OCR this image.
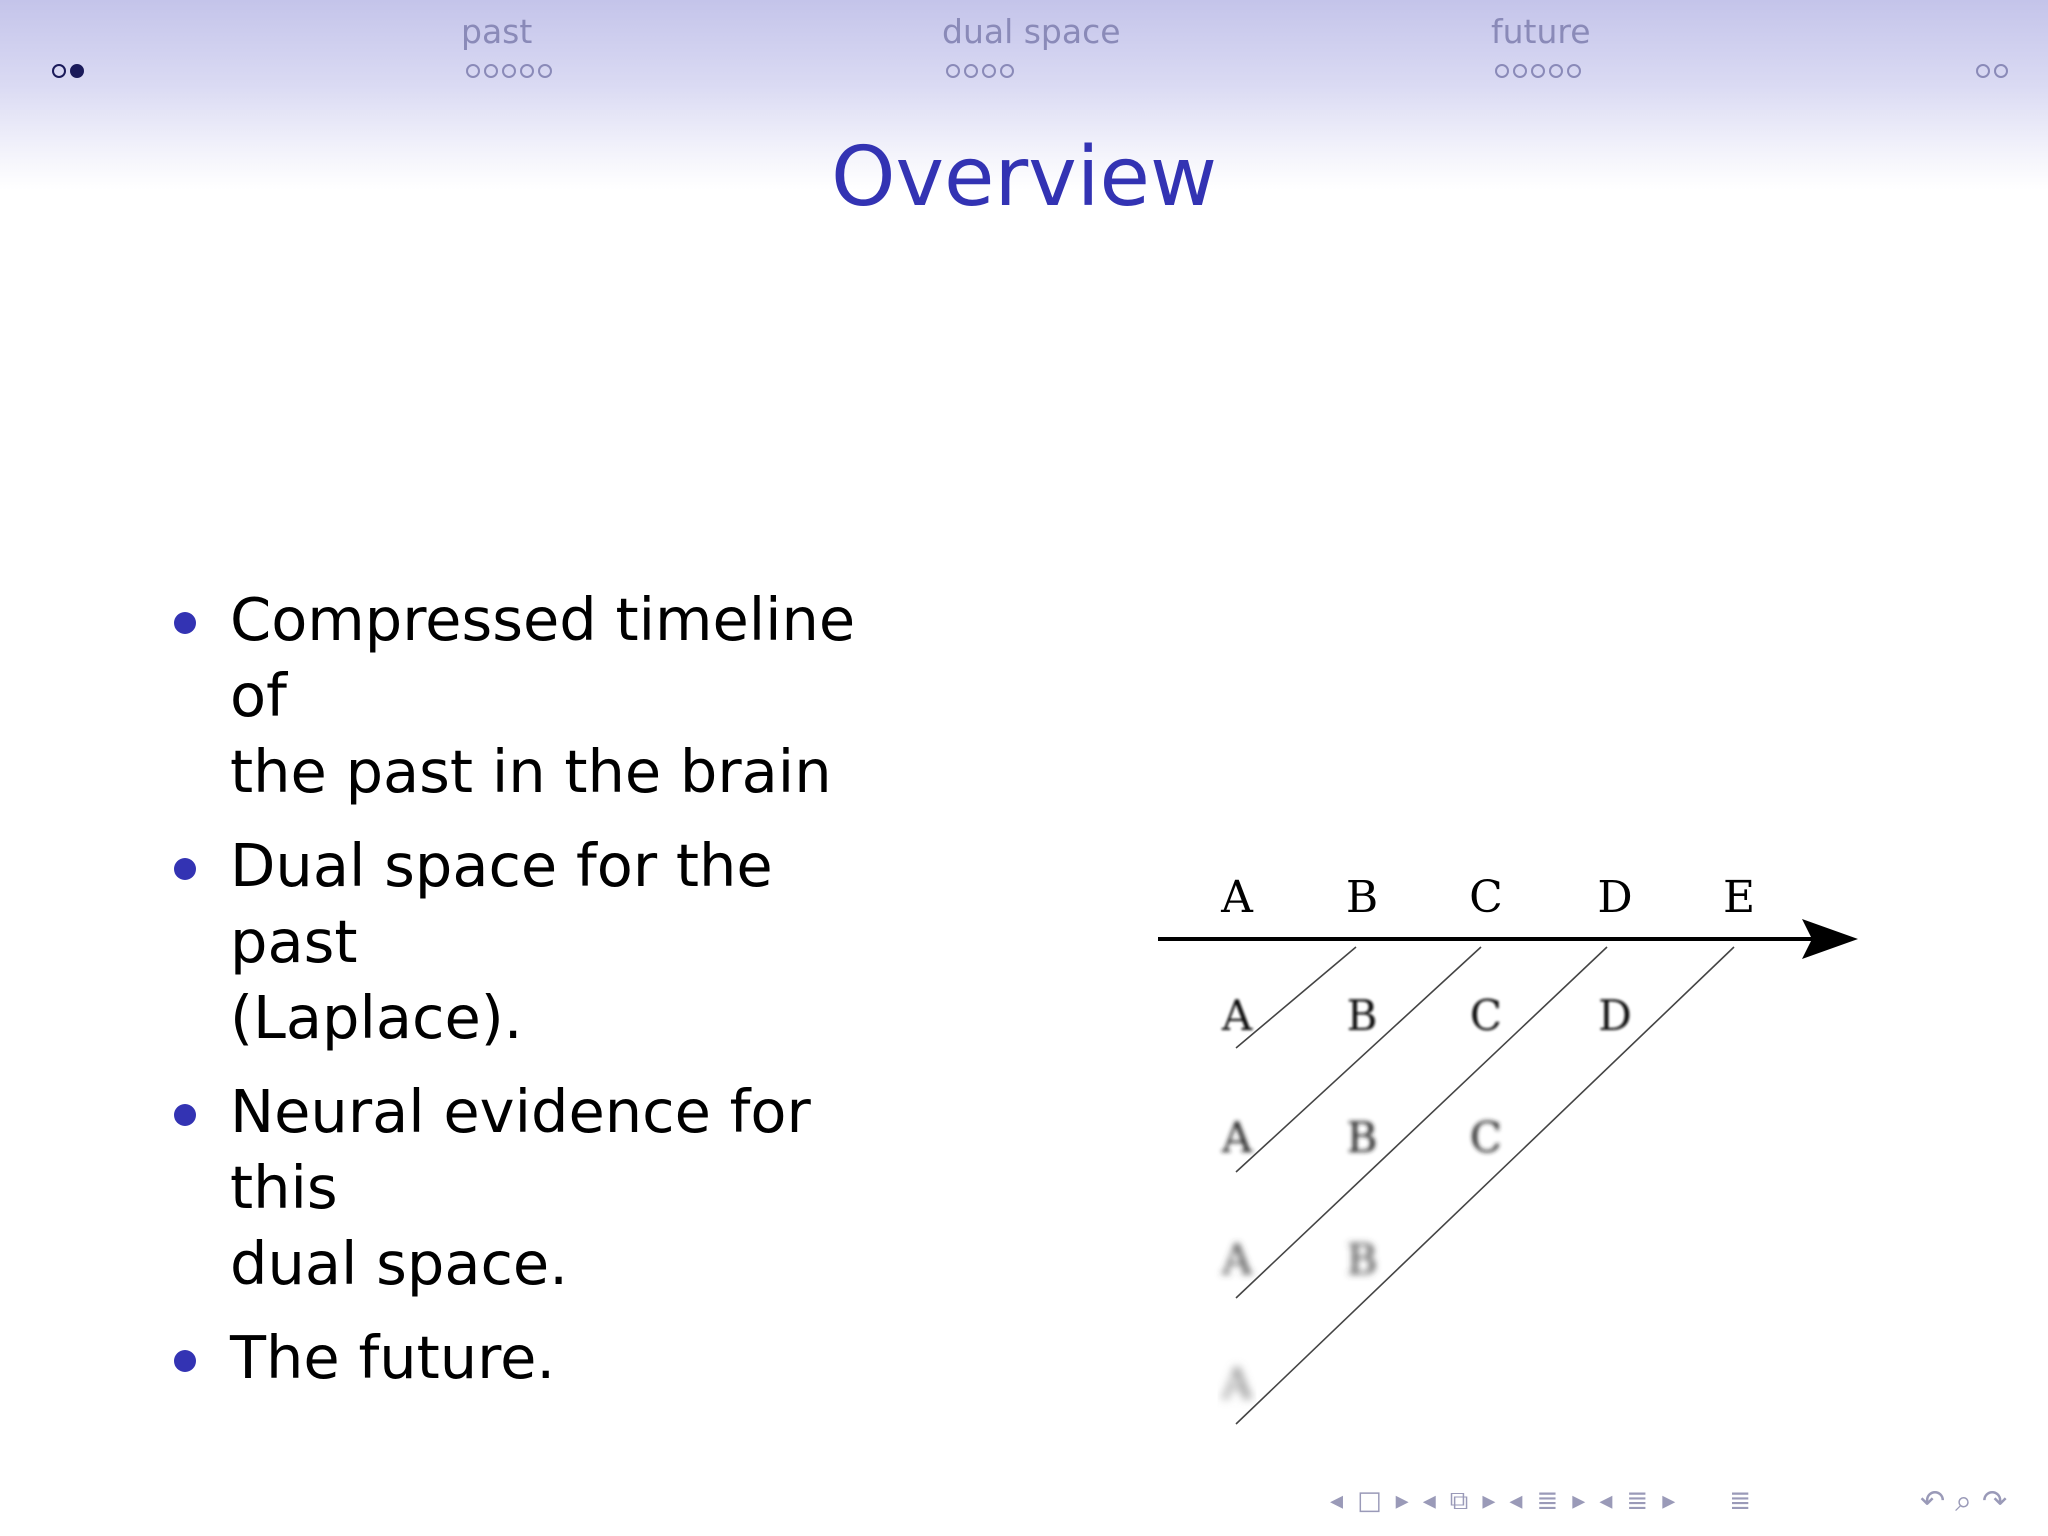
past	dual space	future
Overview
Compressed timeline of
the past in the brain
Dual space for the past
(Laplace).
Neural evidence for this
dual space.
The future.
A B C D E
A B C D
A B C
A B
A
◂ □ ▸ ◂ ⧉ ▸ ◂ ≣ ▸ ◂ ≣ ▸ ≣	↶ ⌕ ↷
